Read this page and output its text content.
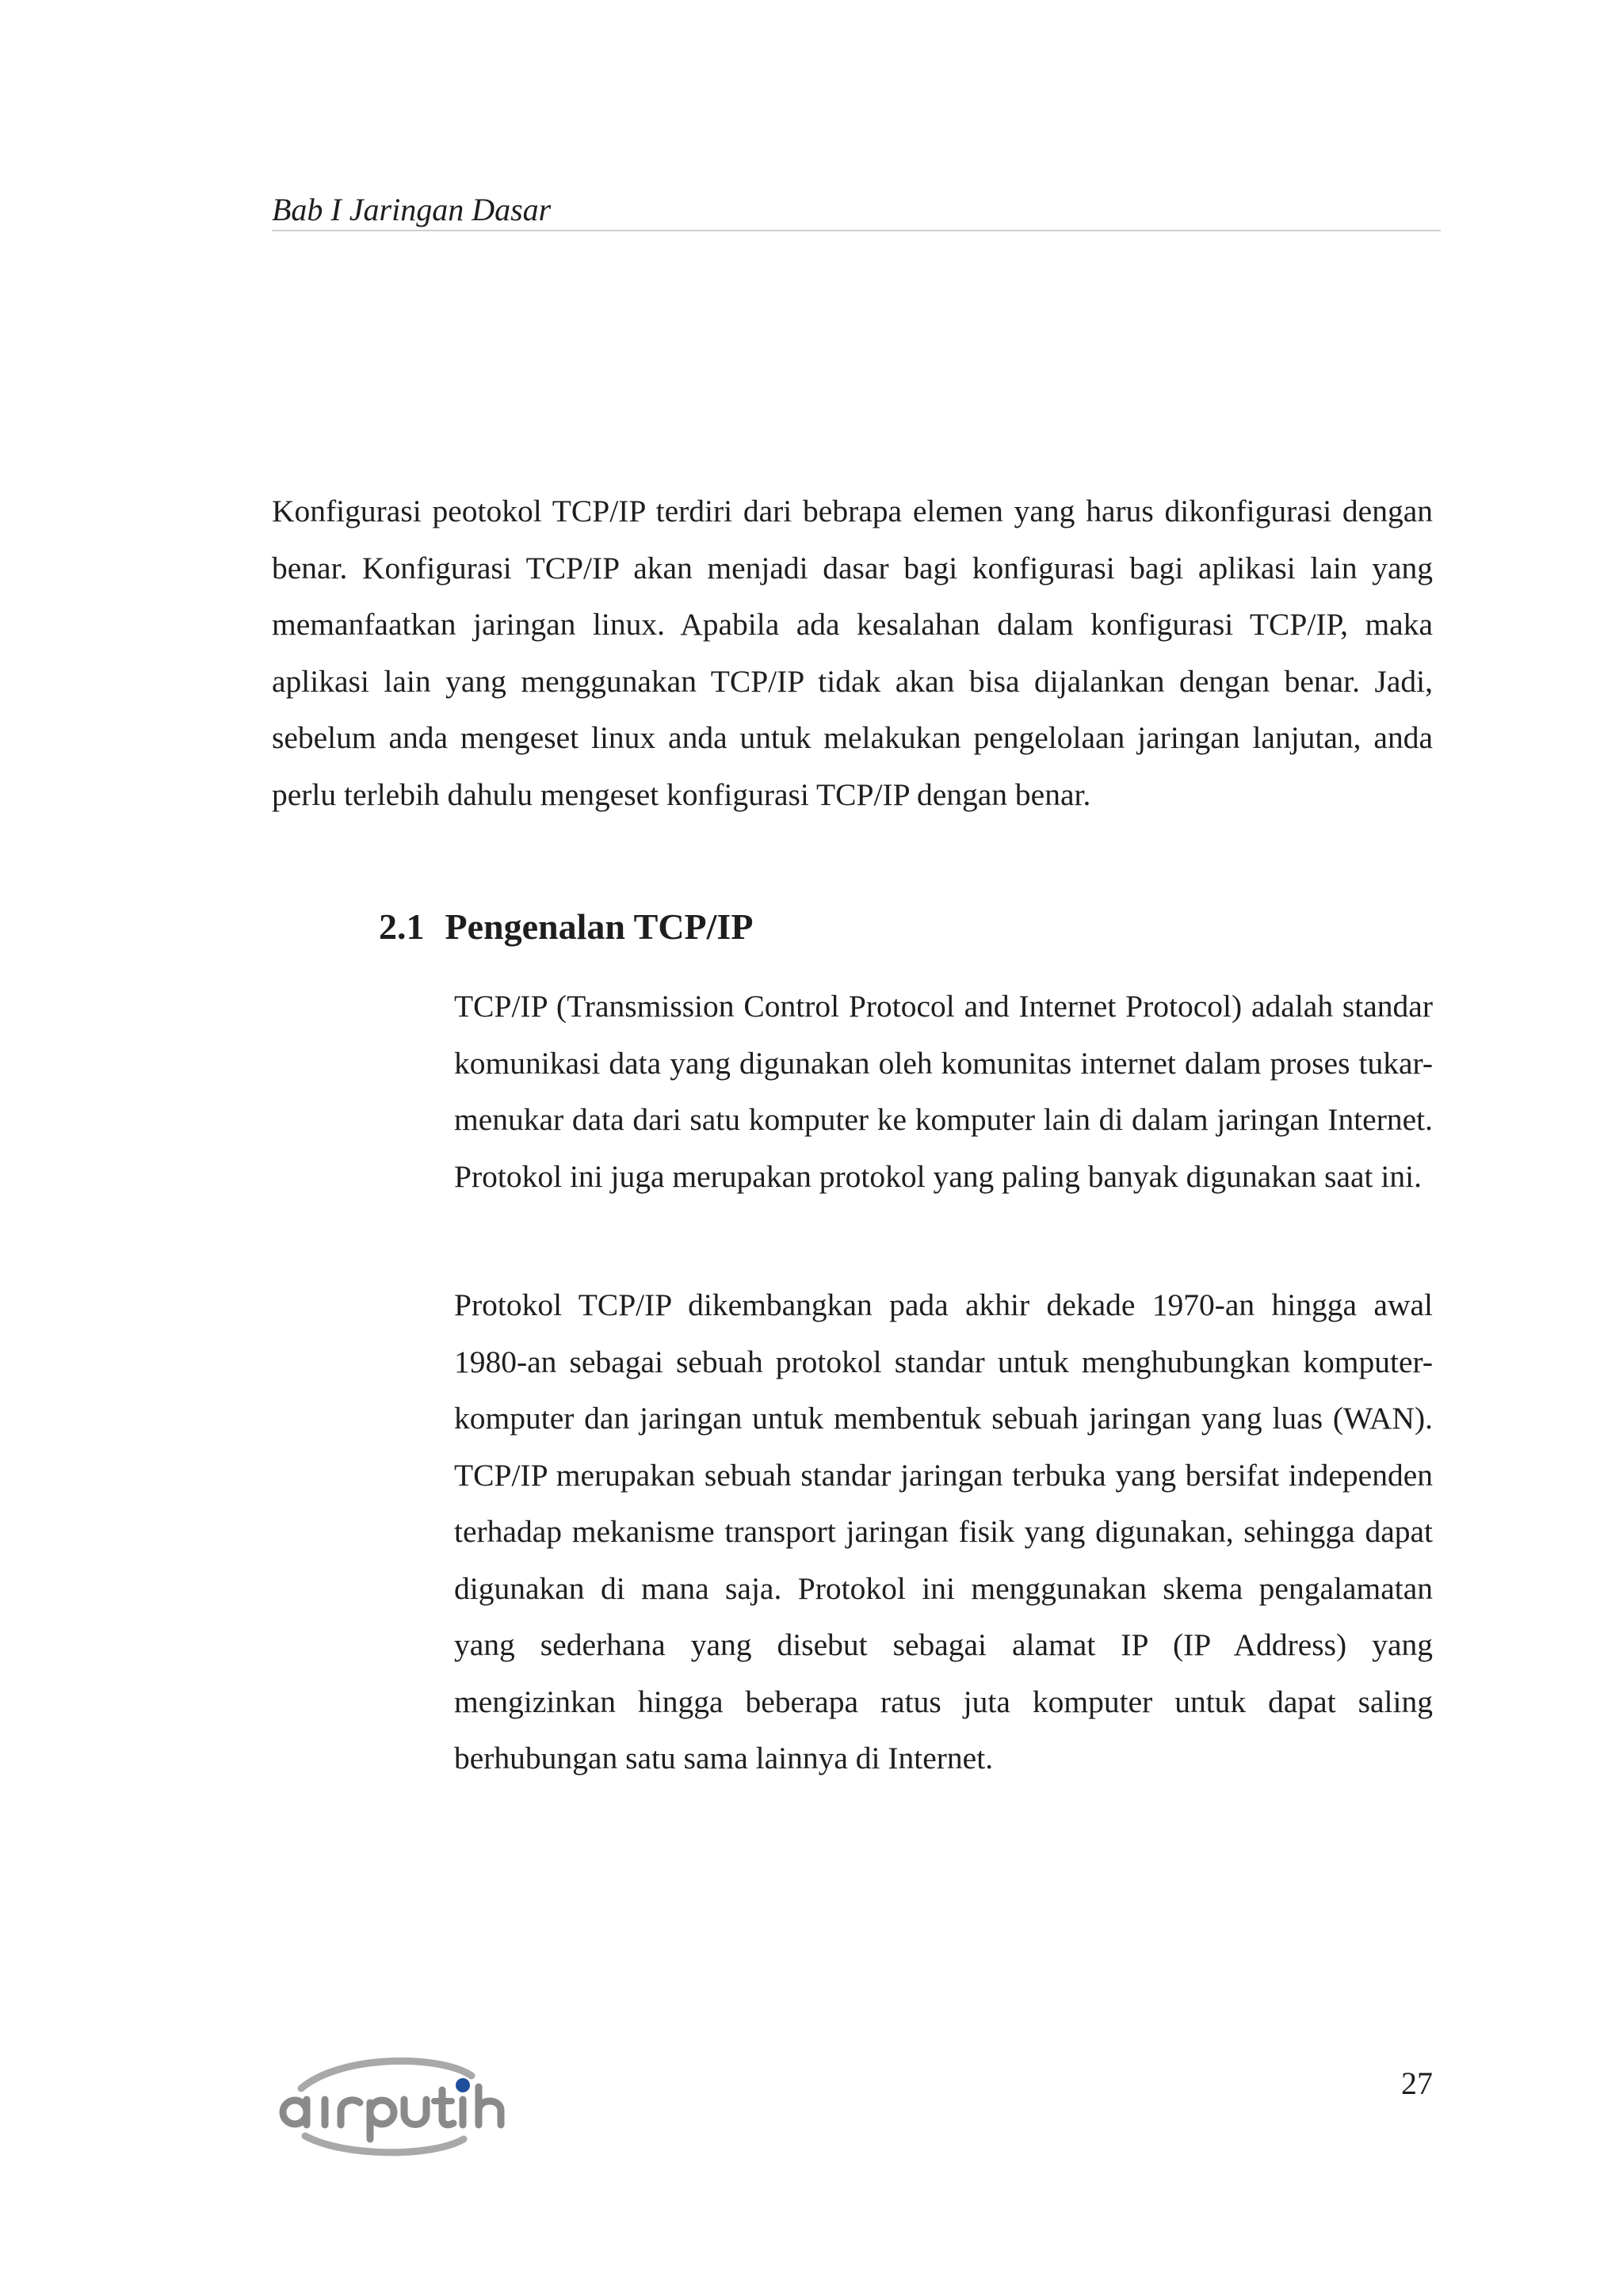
Bab I Jaringan Dasar

Konfigurasi peotokol TCP/IP terdiri dari bebrapa elemen yang harus dikonfigurasi dengan benar. Konfigurasi TCP/IP akan menjadi dasar bagi konfigurasi bagi aplikasi lain yang memanfaatkan jaringan linux. Apabila ada kesalahan dalam konfigurasi TCP/IP, maka aplikasi lain yang menggunakan TCP/IP tidak akan bisa dijalankan dengan benar. Jadi, sebelum anda mengeset linux anda untuk melakukan pengelolaan jaringan lanjutan, anda perlu terlebih dahulu mengeset konfigurasi TCP/IP dengan benar.

2.1 Pengenalan TCP/IP

TCP/IP (Transmission Control Protocol and Internet Protocol) adalah standar komunikasi data yang digunakan oleh komunitas internet dalam proses tukar-menukar data dari satu komputer ke komputer lain di dalam jaringan Internet. Protokol ini juga merupakan protokol yang paling banyak digunakan saat ini.

Protokol TCP/IP dikembangkan pada akhir dekade 1970-an hingga awal 1980-an sebagai sebuah protokol standar untuk menghubungkan komputer-komputer dan jaringan untuk membentuk sebuah jaringan yang luas (WAN). TCP/IP merupakan sebuah standar jaringan terbuka yang bersifat independen terhadap mekanisme transport jaringan fisik yang digunakan, sehingga dapat digunakan di mana saja. Protokol ini menggunakan skema pengalamatan yang sederhana yang disebut sebagai alamat IP (IP Address) yang mengizinkan hingga beberapa ratus juta komputer untuk dapat saling berhubungan satu sama lainnya di Internet.

27
